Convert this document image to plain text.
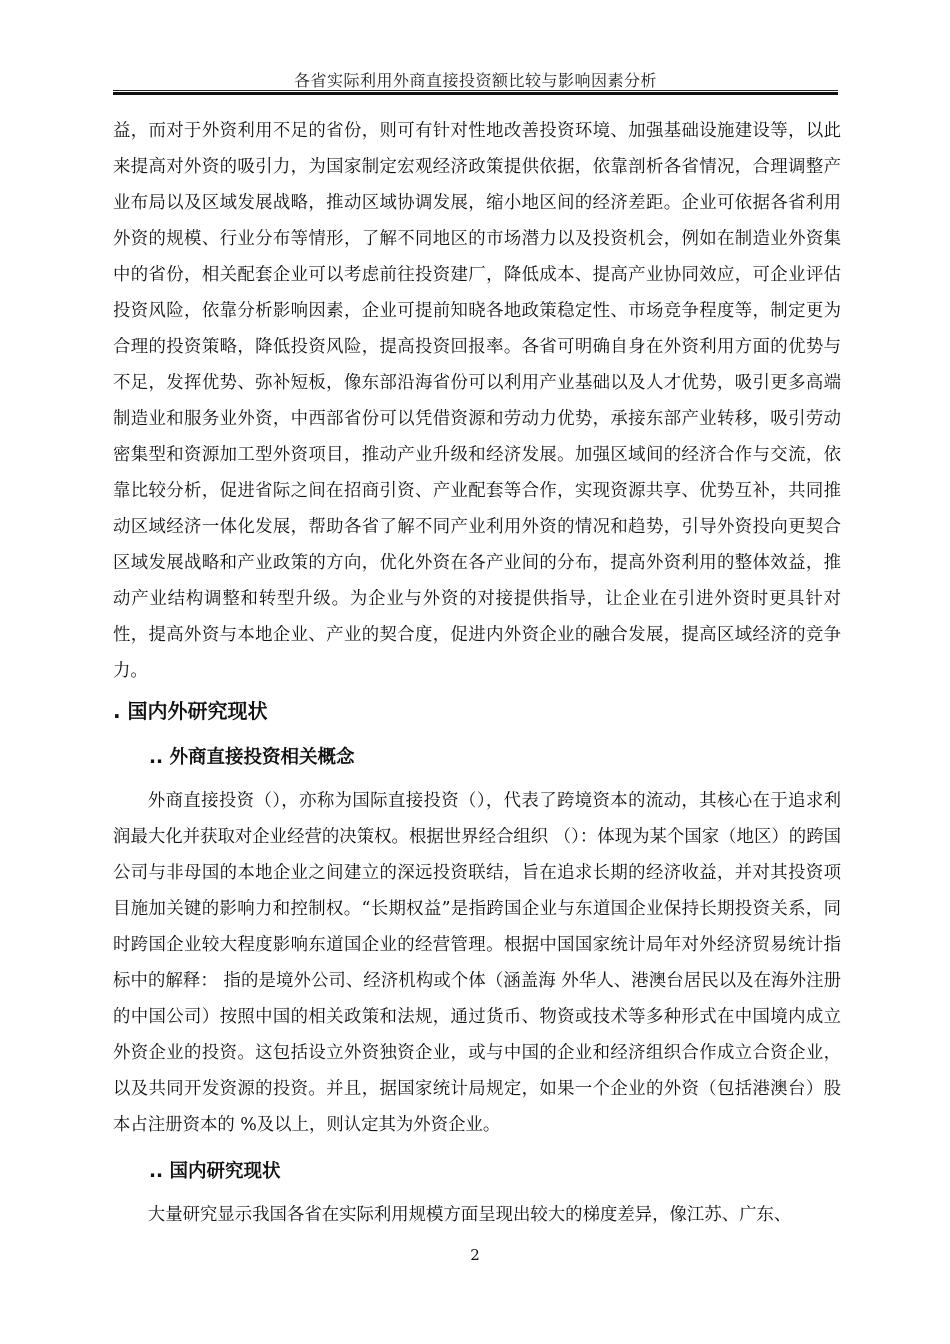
各省实际利用外商直接投资额比较与影响因素分析

益，而对于外资利用不足的省份，则可有针对性地改善投资环境、加强基础设施建设等，以此来提高对外资的吸引力，为国家制定宏观经济政策提供依据，依靠剖析各省情况，合理调整产业布局以及区域发展战略，推动区域协调发展，缩小地区间的经济差距。企业可依据各省利用外资的规模、行业分布等情形，了解不同地区的市场潜力以及投资机会，例如在制造业外资集中的省份，相关配套企业可以考虑前往投资建厂，降低成本、提高产业协同效应，可企业评估投资风险，依靠分析影响因素，企业可提前知晓各地政策稳定性、市场竞争程度等，制定更为合理的投资策略，降低投资风险，提高投资回报率。各省可明确自身在外资利用方面的优势与不足，发挥优势、弥补短板，像东部沿海省份可以利用产业基础以及人才优势，吸引更多高端制造业和服务业外资，中西部省份可以凭借资源和劳动力优势，承接东部产业转移，吸引劳动密集型和资源加工型外资项目，推动产业升级和经济发展。加强区域间的经济合作与交流，依靠比较分析，促进省际之间在招商引资、产业配套等合作，实现资源共享、优势互补，共同推动区域经济一体化发展，帮助各省了解不同产业利用外资的情况和趋势，引导外资投向更契合区域发展战略和产业政策的方向，优化外资在各产业间的分布，提高外资利用的整体效益，推动产业结构调整和转型升级。为企业与外资的对接提供指导，让企业在引进外资时更具针对性，提高外资与本地企业、产业的契合度，促进内外资企业的融合发展，提高区域经济的竞争力。

. 国内外研究现状
.. 外商直接投资相关概念

外商直接投资（），亦称为国际直接投资（），代表了跨境资本的流动，其核心在于追求利润最大化并获取对企业经营的决策权。根据世界经合组织 （）：体现为某个国家（地区）的跨国公司与非母国的本地企业之间建立的深远投资联结，旨在追求长期的经济收益，并对其投资项目施加关键的影响力和控制权。“长期权益”是指跨国企业与东道国企业保持长期投资关系，同时跨国企业较大程度影响东道国企业的经营管理。根据中国国家统计局年对外经济贸易统计指标中的解释： 指的是境外公司、经济机构或个体（涵盖海 外华人、港澳台居民以及在海外注册的中国公司）按照中国的相关政策和法规，通过货币、物资或技术等多种形式在中国境内成立外资企业的投资。这包括设立外资独资企业，或与中国的企业和经济组织合作成立合资企业，以及共同开发资源的投资。并且，据国家统计局规定，如果一个企业的外资（包括港澳台）股本占注册资本的 %及以上，则认定其为外资企业。

.. 国内研究现状

大量研究显示我国各省在实际利用规模方面呈现出较大的梯度差异，像江苏、广东、

2
